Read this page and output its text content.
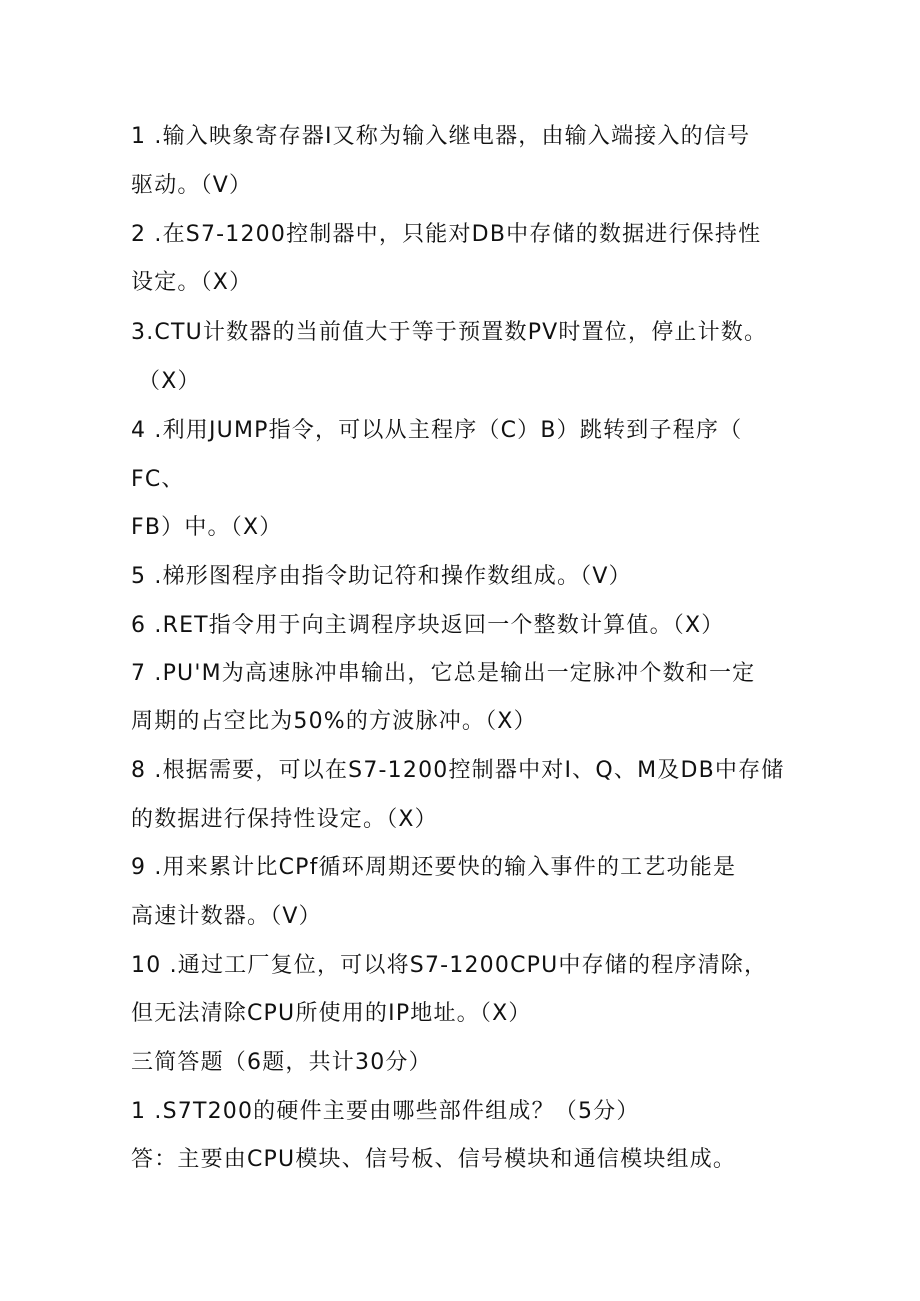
1 .输入映象寄存器I又称为输入继电器，由输入端接入的信号
驱动。（V）
2 .在S7-1200控制器中，只能对DB中存储的数据进行保持性
设定。（X）
3.CTU计数器的当前值大于等于预置数PV时置位，停止计数。
（X）
4 .利用JUMP指令，可以从主程序（C）B）跳转到子程序（
FC、
FB）中。（X）
5 .梯形图程序由指令助记符和操作数组成。（V）
6 .RET指令用于向主调程序块返回一个整数计算值。（X）
7 .PU'M为高速脉冲串输出，它总是输出一定脉冲个数和一定
周期的占空比为50%的方波脉冲。（X）
8 .根据需要，可以在S7-1200控制器中对I、Q、M及DB中存储
的数据进行保持性设定。（X）
9 .用来累计比CPf循环周期还要快的输入事件的工艺功能是
高速计数器。（V）
10 .通过工厂复位，可以将S7-1200CPU中存储的程序清除，
但无法清除CPU所使用的IP地址。（X）
三简答题（6题，共计30分）
1 .S7T200的硬件主要由哪些部件组成？（5分）
答：主要由CPU模块、信号板、信号模块和通信模块组成。
